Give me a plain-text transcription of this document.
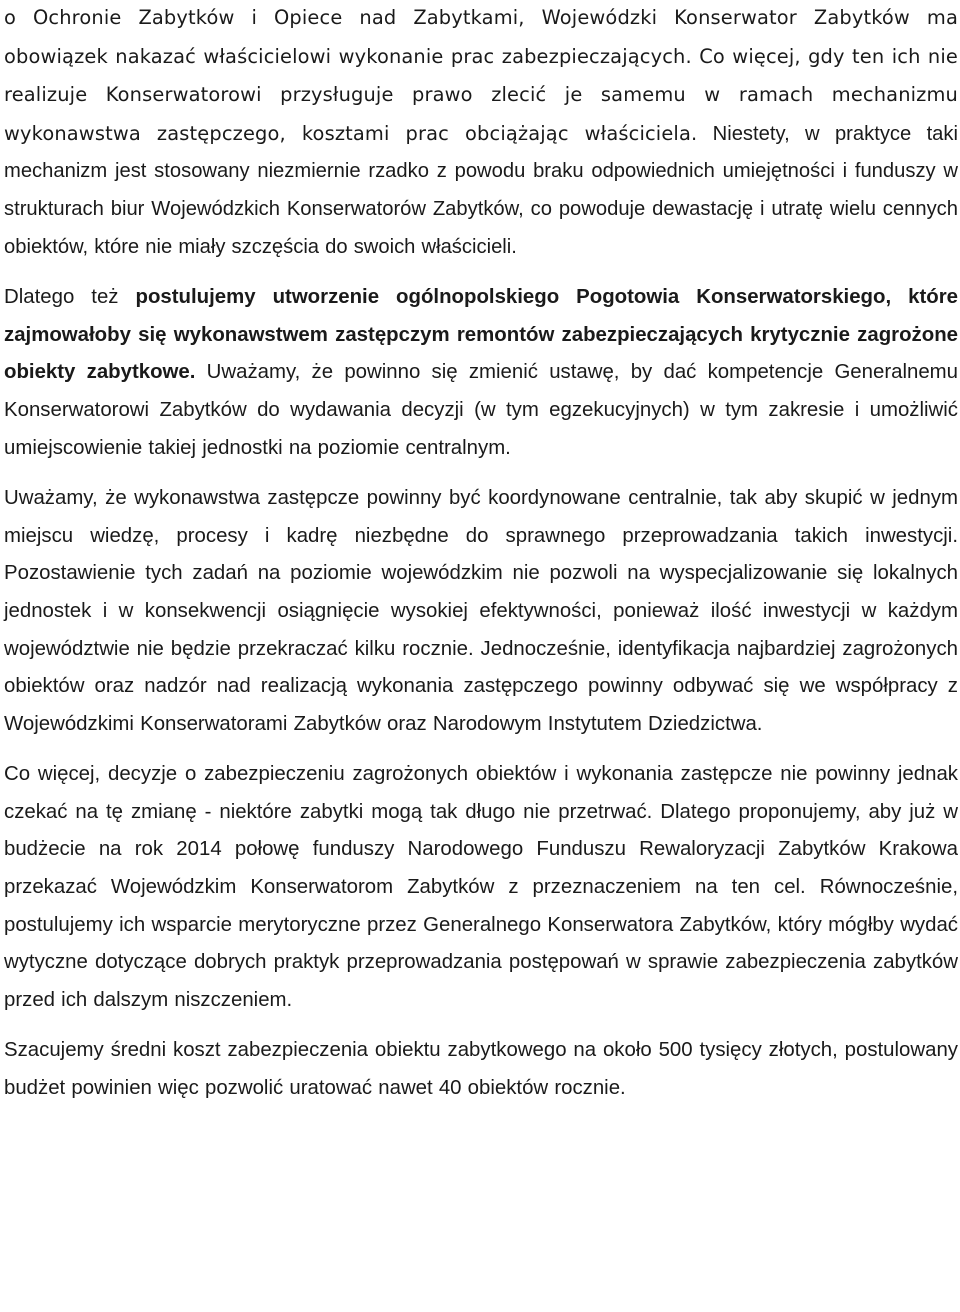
o Ochronie Zabytków i Opiece nad Zabytkami, Wojewódzki Konserwator Zabytków ma obowiązek nakazać właścicielowi wykonanie prac zabezpieczających. Co więcej, gdy ten ich nie realizuje Konserwatorowi przysługuje prawo zlecić je samemu w ramach mechanizmu wykonawstwa zastępczego, kosztami prac obciążając właściciela. Niestety, w praktyce taki mechanizm jest stosowany niezmiernie rzadko z powodu braku odpowiednich umiejętności i funduszy w strukturach biur Wojewódzkich Konserwatorów Zabytków, co powoduje dewastację i utratę wielu cennych obiektów, które nie miały szczęścia do swoich właścicieli.

Dlatego też postulujemy utworzenie ogólnopolskiego Pogotowia Konserwatorskiego, które zajmowałoby się wykonawstwem zastępczym remontów zabezpieczających krytycznie zagrożone obiekty zabytkowe. Uważamy, że powinno się zmienić ustawę, by dać kompetencje Generalnemu Konserwatorowi Zabytków do wydawania decyzji (w tym egzekucyjnych) w tym zakresie i umożliwić umiejscowienie takiej jednostki na poziomie centralnym.

Uważamy, że wykonawstwa zastępcze powinny być koordynowane centralnie, tak aby skupić w jednym miejscu wiedzę, procesy i kadrę niezbędne do sprawnego przeprowadzania takich inwestycji. Pozostawienie tych zadań na poziomie wojewódzkim nie pozwoli na wyspecjalizowanie się lokalnych jednostek i w konsekwencji osiągnięcie wysokiej efektywności, ponieważ ilość inwestycji w każdym województwie nie będzie przekraczać kilku rocznie. Jednocześnie, identyfikacja najbardziej zagrożonych obiektów oraz nadzór nad realizacją wykonania zastępczego powinny odbywać się we współpracy z Wojewódzkimi Konserwatorami Zabytków oraz Narodowym Instytutem Dziedzictwa.

Co więcej, decyzje o zabezpieczeniu zagrożonych obiektów i wykonania zastępcze nie powinny jednak czekać na tę zmianę - niektóre zabytki mogą tak długo nie przetrwać. Dlatego proponujemy, aby już w budżecie na rok 2014 połowę funduszy Narodowego Funduszu Rewaloryzacji Zabytków Krakowa przekazać Wojewódzkim Konserwatorom Zabytków z przeznaczeniem na ten cel. Równocześnie, postulujemy ich wsparcie merytoryczne przez Generalnego Konserwatora Zabytków, który mógłby wydać wytyczne dotyczące dobrych praktyk przeprowadzania postępowań w sprawie zabezpieczenia zabytków przed ich dalszym niszczeniem.

Szacujemy średni koszt zabezpieczenia obiektu zabytkowego na około 500 tysięcy złotych, postulowany budżet powinien więc pozwolić uratować nawet 40 obiektów rocznie.
